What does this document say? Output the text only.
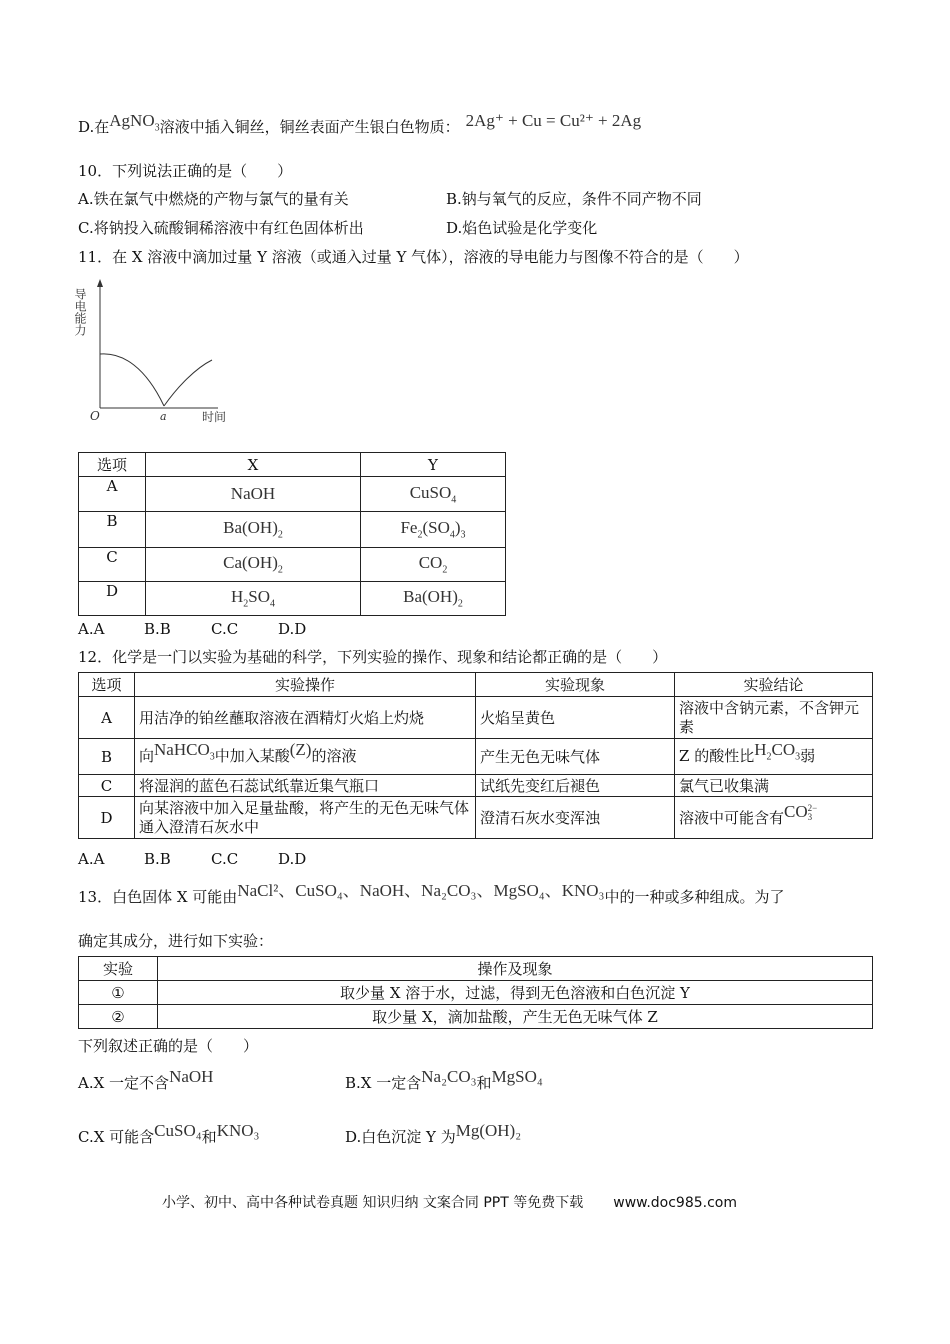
D.在AgNO$_3$溶液中插入铜丝，铜丝表面产生银白色物质： 2Ag⁺ + Cu = Cu²⁺ + 2Ag
10．下列说法正确的是（　　）
A.铁在氯气中燃烧的产物与氯气的量有关	B.钠与氧气的反应，条件不同产物不同
C.将钠投入硫酸铜稀溶液中有红色固体析出	D.焰色试验是化学变化
11．在 X 溶液中滴加过量 Y 溶液（或通入过量 Y 气体），溶液的导电能力与图像不符合的是（　　）
导电能力
时间
O	a
选项	X	Y
A	NaOH	CuSO$_4$
B	$Ba(OH)_2$	$Fe_2(SO_4)_3$
C	$Ca(OH)_2$	$CO_2$
D	$H_2SO_4$	$Ba(OH)_2$
A.A	B.B	C.C	D.D
12．化学是一门以实验为基础的科学，下列实验的操作、现象和结论都正确的是（　　）
选项	实验操作	实验现象	实验结论
A	用洁净的铂丝蘸取溶液在酒精灯火焰上灼烧	火焰呈黄色	溶液中含钠元素，不含钾元素
B	向NaHCO$_3$中加入某酸(Z)的溶液	产生无色无味气体	Z 的酸性比$H_2CO_3$弱
C	将湿润的蓝色石蕊试纸靠近集气瓶口	试纸先变红后褪色	氯气已收集满
D	向某溶液中加入足量盐酸，将产生的无色无味气体通入澄清石灰水中	澄清石灰水变浑浊	溶液中可能含有CO 2−
3
A.A	B.B	C.C	D.D
13．白色固体 X 可能由NaCl²、CuSO₄、NaOH、Na₂CO₃、MgSO₄、KNO₃中的一种或多种组成。为了
确定其成分，进行如下实验：
实验	操作及现象
①	取少量 X 溶于水，过滤，得到无色溶液和白色沉淀 Y
②	取少量 X，滴加盐酸，产生无色无味气体 Z
下列叙述正确的是（　　）
A.X 一定不含NaOH	B.X 一定含Na₂CO₃和MgSO₄
C.X 可能含CuSO₄和KNO₃	D.白色沉淀 Y 为Mg(OH)₂
小学、初中、高中各种试卷真题 知识归纳 文案合同 PPT 等免费下载 www.doc985.com
